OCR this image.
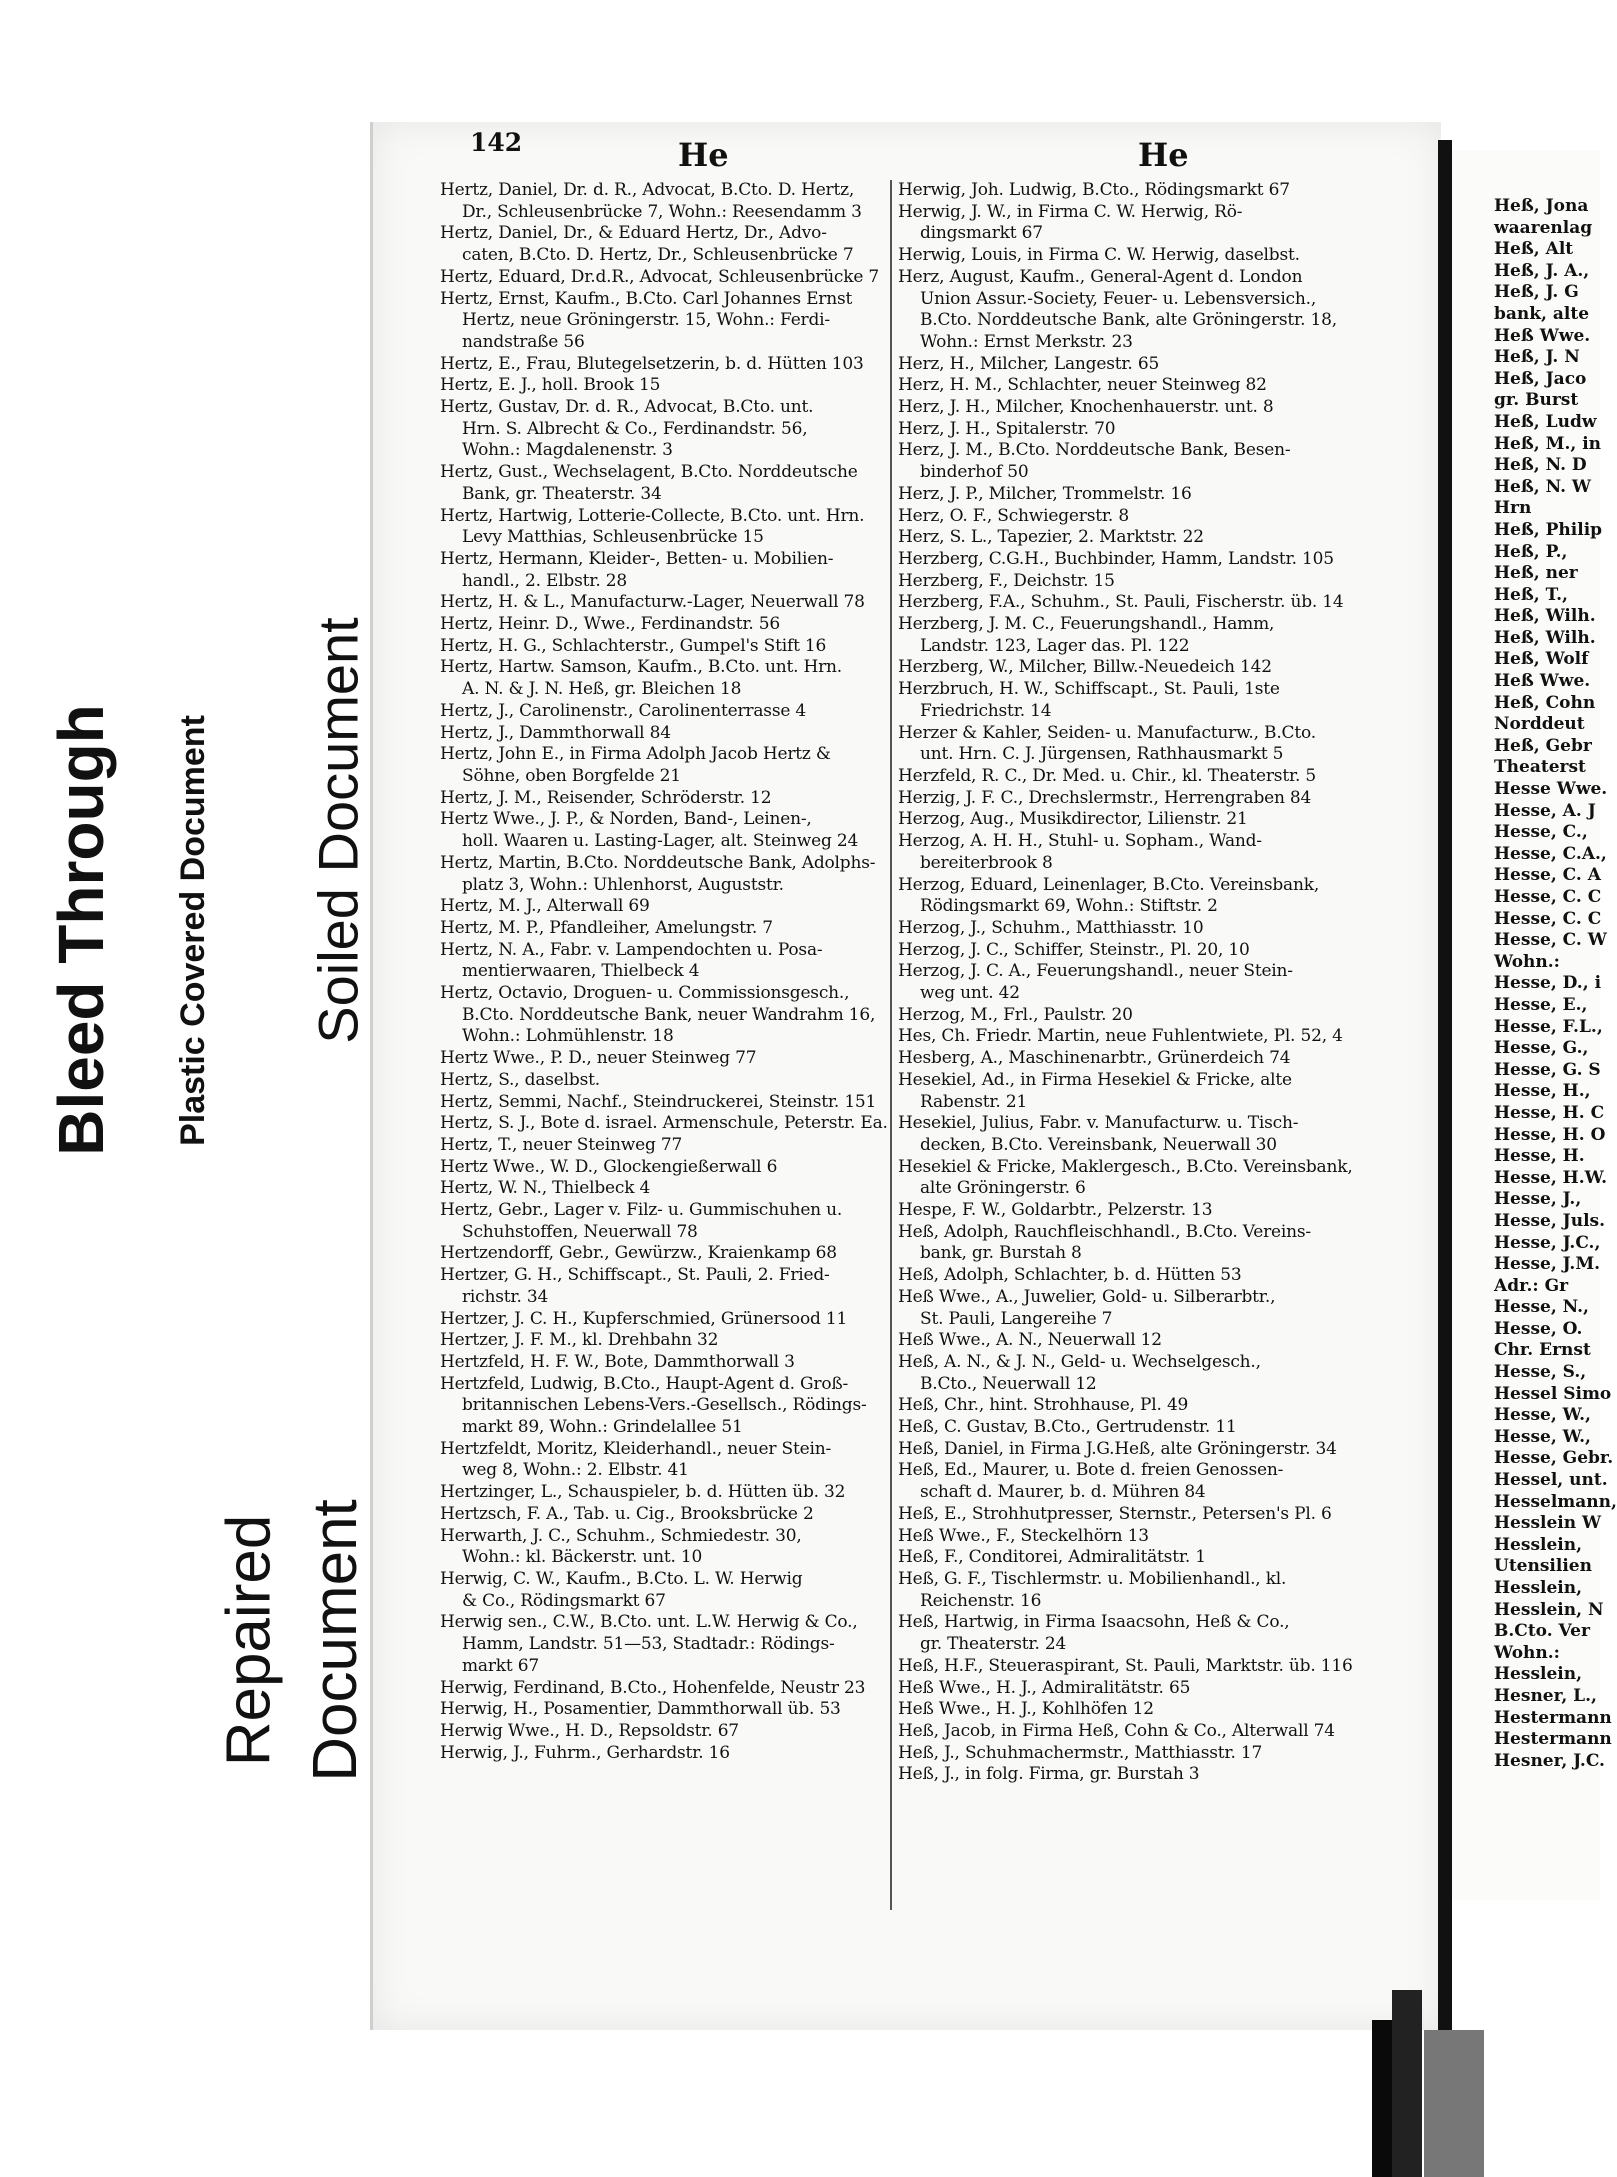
Bleed Through Plastic Covered Document Soiled Document
Repaired Document
142	He	He
Hertz, Daniel, Dr. d. R., Advocat, B.Cto. D. Hertz,
Dr., Schleusenbrücke 7, Wohn.: Reesendamm 3
Hertz, Daniel, Dr., & Eduard Hertz, Dr., Advo-
caten, B.Cto. D. Hertz, Dr., Schleusenbrücke 7
Hertz, Eduard, Dr.d.R., Advocat, Schleusenbrücke 7
Hertz, Ernst, Kaufm., B.Cto. Carl Johannes Ernst
Hertz, neue Gröningerstr. 15, Wohn.: Ferdi-
nandstraße 56
Hertz, E., Frau, Blutegelsetzerin, b. d. Hütten 103
Hertz, E. J., holl. Brook 15
Hertz, Gustav, Dr. d. R., Advocat, B.Cto. unt.
Hrn. S. Albrecht & Co., Ferdinandstr. 56,
Wohn.: Magdalenenstr. 3
Hertz, Gust., Wechselagent, B.Cto. Norddeutsche
Bank, gr. Theaterstr. 34
Hertz, Hartwig, Lotterie-Collecte, B.Cto. unt. Hrn.
Levy Matthias, Schleusenbrücke 15
Hertz, Hermann, Kleider-, Betten- u. Mobilien-
handl., 2. Elbstr. 28
Hertz, H. & L., Manufacturw.-Lager, Neuerwall 78
Hertz, Heinr. D., Wwe., Ferdinandstr. 56
Hertz, H. G., Schlachterstr., Gumpel's Stift 16
Hertz, Hartw. Samson, Kaufm., B.Cto. unt. Hrn.
A. N. & J. N. Heß, gr. Bleichen 18
Hertz, J., Carolinenstr., Carolinenterrasse 4
Hertz, J., Dammthorwall 84
Hertz, John E., in Firma Adolph Jacob Hertz &
Söhne, oben Borgfelde 21
Hertz, J. M., Reisender, Schröderstr. 12
Hertz Wwe., J. P., & Norden, Band-, Leinen-,
holl. Waaren u. Lasting-Lager, alt. Steinweg 24
Hertz, Martin, B.Cto. Norddeutsche Bank, Adolphs-
platz 3, Wohn.: Uhlenhorst, Auguststr.
Hertz, M. J., Alterwall 69
Hertz, M. P., Pfandleiher, Amelungstr. 7
Hertz, N. A., Fabr. v. Lampendochten u. Posa-
mentierwaaren, Thielbeck 4
Hertz, Octavio, Droguen- u. Commissionsgesch.,
B.Cto. Norddeutsche Bank, neuer Wandrahm 16,
Wohn.: Lohmühlenstr. 18
Hertz Wwe., P. D., neuer Steinweg 77
Hertz, S., daselbst.
Hertz, Semmi, Nachf., Steindruckerei, Steinstr. 151
Hertz, S. J., Bote d. israel. Armenschule, Peterstr. Ea.
Hertz, T., neuer Steinweg 77
Hertz Wwe., W. D., Glockengießerwall 6
Hertz, W. N., Thielbeck 4
Hertz, Gebr., Lager v. Filz- u. Gummischuhen u.
Schuhstoffen, Neuerwall 78
Hertzendorff, Gebr., Gewürzw., Kraienkamp 68
Hertzer, G. H., Schiffscapt., St. Pauli, 2. Fried-
richstr. 34
Hertzer, J. C. H., Kupferschmied, Grünersood 11
Hertzer, J. F. M., kl. Drehbahn 32
Hertzfeld, H. F. W., Bote, Dammthorwall 3
Hertzfeld, Ludwig, B.Cto., Haupt-Agent d. Groß-
britannischen Lebens-Vers.-Gesellsch., Rödings-
markt 89, Wohn.: Grindelallee 51
Hertzfeldt, Moritz, Kleiderhandl., neuer Stein-
weg 8, Wohn.: 2. Elbstr. 41
Hertzinger, L., Schauspieler, b. d. Hütten üb. 32
Hertzsch, F. A., Tab. u. Cig., Brooksbrücke 2
Herwarth, J. C., Schuhm., Schmiedestr. 30,
Wohn.: kl. Bäckerstr. unt. 10
Herwig, C. W., Kaufm., B.Cto. L. W. Herwig
& Co., Rödingsmarkt 67
Herwig sen., C.W., B.Cto. unt. L.W. Herwig & Co.,
Hamm, Landstr. 51—53, Stadtadr.: Rödings-
markt 67
Herwig, Ferdinand, B.Cto., Hohenfelde, Neustr 23
Herwig, H., Posamentier, Dammthorwall üb. 53
Herwig Wwe., H. D., Repsoldstr. 67
Herwig, J., Fuhrm., Gerhardstr. 16
Herwig, Joh. Ludwig, B.Cto., Rödingsmarkt 67
Herwig, J. W., in Firma C. W. Herwig, Rö-
dingsmarkt 67
Herwig, Louis, in Firma C. W. Herwig, daselbst.
Herz, August, Kaufm., General-Agent d. London
Union Assur.-Society, Feuer- u. Lebensversich.,
B.Cto. Norddeutsche Bank, alte Gröningerstr. 18,
Wohn.: Ernst Merkstr. 23
Herz, H., Milcher, Langestr. 65
Herz, H. M., Schlachter, neuer Steinweg 82
Herz, J. H., Milcher, Knochenhauerstr. unt. 8
Herz, J. H., Spitalerstr. 70
Herz, J. M., B.Cto. Norddeutsche Bank, Besen-
binderhof 50
Herz, J. P., Milcher, Trommelstr. 16
Herz, O. F., Schwiegerstr. 8
Herz, S. L., Tapezier, 2. Marktstr. 22
Herzberg, C.G.H., Buchbinder, Hamm, Landstr. 105
Herzberg, F., Deichstr. 15
Herzberg, F.A., Schuhm., St. Pauli, Fischerstr. üb. 14
Herzberg, J. M. C., Feuerungshandl., Hamm,
Landstr. 123, Lager das. Pl. 122
Herzberg, W., Milcher, Billw.-Neuedeich 142
Herzbruch, H. W., Schiffscapt., St. Pauli, 1ste
Friedrichstr. 14
Herzer & Kahler, Seiden- u. Manufacturw., B.Cto.
unt. Hrn. C. J. Jürgensen, Rathhausmarkt 5
Herzfeld, R. C., Dr. Med. u. Chir., kl. Theaterstr. 5
Herzig, J. F. C., Drechslermstr., Herrengraben 84
Herzog, Aug., Musikdirector, Lilienstr. 21
Herzog, A. H. H., Stuhl- u. Sopham., Wand-
bereiterbrook 8
Herzog, Eduard, Leinenlager, B.Cto. Vereinsbank,
Rödingsmarkt 69, Wohn.: Stiftstr. 2
Herzog, J., Schuhm., Matthiasstr. 10
Herzog, J. C., Schiffer, Steinstr., Pl. 20, 10
Herzog, J. C. A., Feuerungshandl., neuer Stein-
weg unt. 42
Herzog, M., Frl., Paulstr. 20
Hes, Ch. Friedr. Martin, neue Fuhlentwiete, Pl. 52, 4
Hesberg, A., Maschinenarbtr., Grünerdeich 74
Hesekiel, Ad., in Firma Hesekiel & Fricke, alte
Rabenstr. 21
Hesekiel, Julius, Fabr. v. Manufacturw. u. Tisch-
decken, B.Cto. Vereinsbank, Neuerwall 30
Hesekiel & Fricke, Maklergesch., B.Cto. Vereinsbank,
alte Gröningerstr. 6
Hespe, F. W., Goldarbtr., Pelzerstr. 13
Heß, Adolph, Rauchfleischhandl., B.Cto. Vereins-
bank, gr. Burstah 8
Heß, Adolph, Schlachter, b. d. Hütten 53
Heß Wwe., A., Juwelier, Gold- u. Silberarbtr.,
St. Pauli, Langereihe 7
Heß Wwe., A. N., Neuerwall 12
Heß, A. N., & J. N., Geld- u. Wechselgesch.,
B.Cto., Neuerwall 12
Heß, Chr., hint. Strohhause, Pl. 49
Heß, C. Gustav, B.Cto., Gertrudenstr. 11
Heß, Daniel, in Firma J.G.Heß, alte Gröningerstr. 34
Heß, Ed., Maurer, u. Bote d. freien Genossen-
schaft d. Maurer, b. d. Mühren 84
Heß, E., Strohhutpresser, Sternstr., Petersen's Pl. 6
Heß Wwe., F., Steckelhörn 13
Heß, F., Conditorei, Admiralitätstr. 1
Heß, G. F., Tischlermstr. u. Mobilienhandl., kl.
Reichenstr. 16
Heß, Hartwig, in Firma Isaacsohn, Heß & Co.,
gr. Theaterstr. 24
Heß, H.F., Steueraspirant, St. Pauli, Marktstr. üb. 116
Heß Wwe., H. J., Admiralitätstr. 65
Heß Wwe., H. J., Kohlhöfen 12
Heß, Jacob, in Firma Heß, Cohn & Co., Alterwall 74
Heß, J., Schuhmachermstr., Matthiasstr. 17
Heß, J., in folg. Firma, gr. Burstah 3
Heß, Jona
waarenlag
Heß, Alt
Heß, J. A.,
Heß, J. G
bank, alte
Heß Wwe.
Heß, J. N
Heß, Jaco
gr. Burst
Heß, Ludw
Heß, M., in
Heß, N. D
Heß, N. W
Hrn
Heß, Philip
Heß, P.,
Heß, ner
Heß, T.,
Heß, Wilh.
Heß, Wilh.
Heß, Wolf
Heß Wwe.
Heß, Cohn
Norddeut
Heß, Gebr
Theaterst
Hesse Wwe.
Hesse, A. J
Hesse, C.,
Hesse, C.A.,
Hesse, C. A
Hesse, C. C
Hesse, C. C
Hesse, C. W
Wohn.:
Hesse, D., i
Hesse, E.,
Hesse, F.L.,
Hesse, G.,
Hesse, G. S
Hesse, H.,
Hesse, H. C
Hesse, H. O
Hesse, H.
Hesse, H.W.
Hesse, J.,
Hesse, Juls.
Hesse, J.C.,
Hesse, J.M.
Adr.: Gr
Hesse, N.,
Hesse, O.
Chr. Ernst
Hesse, S.,
Hessel Simo
Hesse, W.,
Hesse, W.,
Hesse, Gebr.
Hessel, unt.
Hesselmann,
Hesslein W
Hesslein,
Utensilien
Hesslein,
Hesslein, N
B.Cto. Ver
Wohn.:
Hesslein,
Hesner, L.,
Hestermann
Hestermann
Hesner, J.C.
